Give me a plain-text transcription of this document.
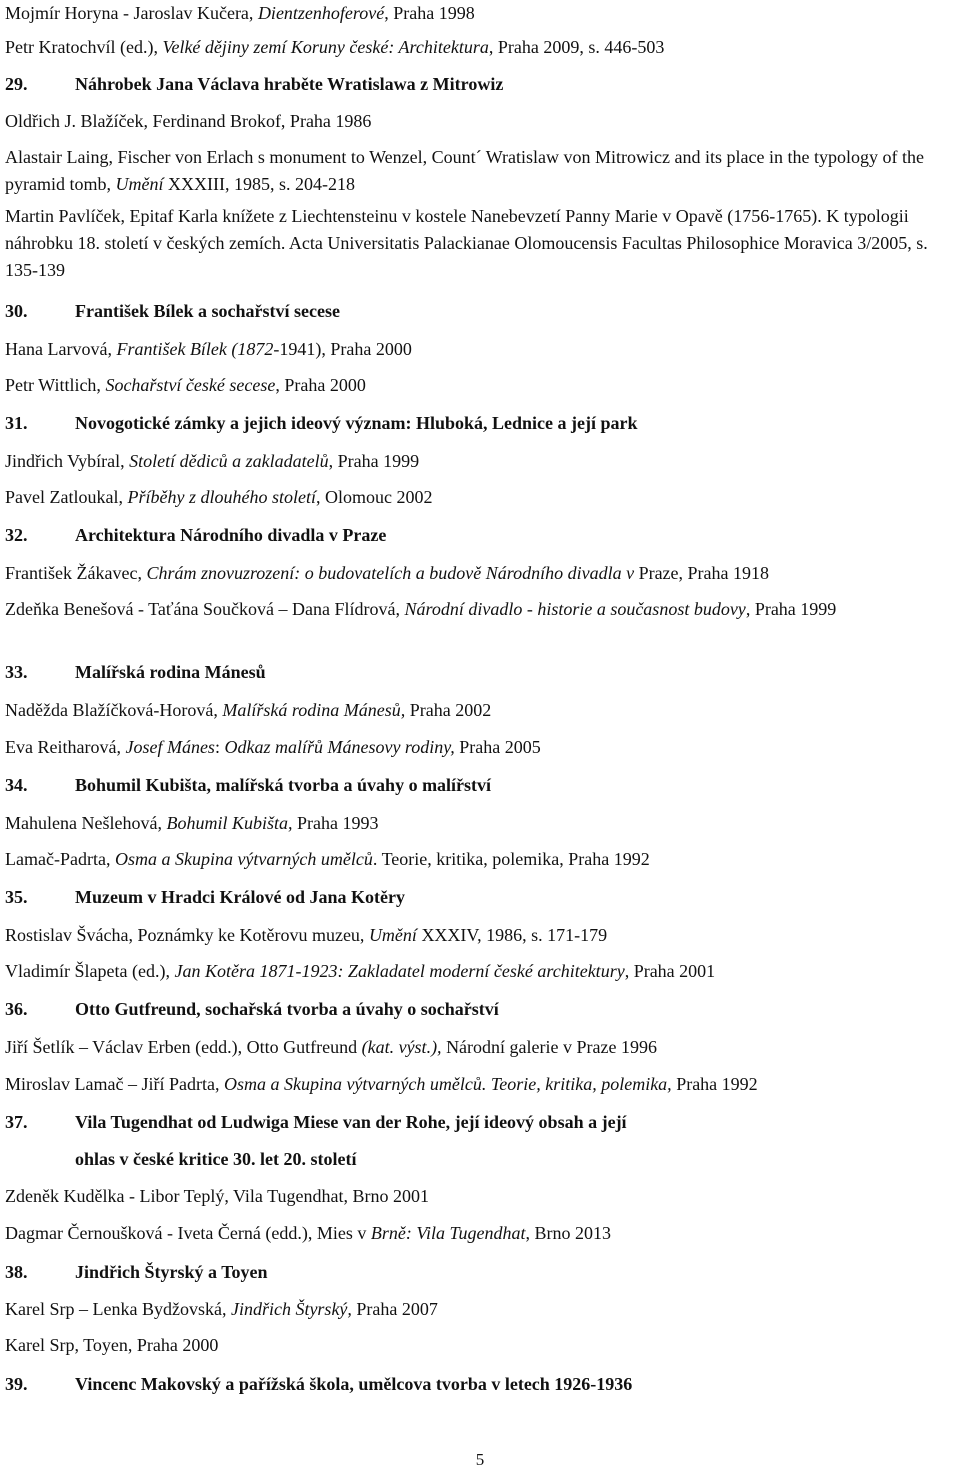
Mojmír Horyna - Jaroslav Kučera, Dientzenhoferové, Praha 1998
Petr Kratochvíl (ed.), Velké dějiny zemí Koruny české: Architektura, Praha 2009, s. 446-503
29.	Náhrobek Jana Václava hraběte Wratislawa z Mitrowiz
Oldřich J. Blažíček, Ferdinand Brokof, Praha 1986
Alastair Laing, Fischer von Erlach s monument to Wenzel, Count´ Wratislaw von Mitrowicz and its place in the typology of the pyramid tomb, Umění XXXIII, 1985, s. 204-218
Martin Pavlíček, Epitaf Karla knížete z Liechtensteinu v kostele Nanebevzetí Panny Marie v Opavě (1756-1765). K typologii náhrobku 18. století v českých zemích. Acta Universitatis Palackianae Olomoucensis Facultas Philosophice Moravica 3/2005, s. 135-139
30.	František Bílek a sochařství secese
Hana Larvová, František Bílek (1872-1941), Praha 2000
Petr Wittlich, Sochařství české secese, Praha 2000
31.	Novogotické zámky a jejich ideový význam: Hluboká, Lednice a její park
Jindřich Vybíral, Století dědiců a zakladatelů, Praha 1999
Pavel Zatloukal, Příběhy z dlouhého století, Olomouc 2002
32.	Architektura Národního divadla v Praze
František Žákavec, Chrám znovuzrození: o budovatelích a budově Národního divadla v Praze, Praha 1918
Zdeňka Benešová - Taťána Součková – Dana Flídrová, Národní divadlo - historie a současnost budovy, Praha 1999
33.	Malířská rodina Mánesů
Naděžda Blažíčková-Horová, Malířská rodina Mánesů, Praha 2002
Eva Reitharová, Josef Mánes: Odkaz malířů Mánesovy rodiny, Praha 2005
34.	Bohumil Kubišta, malířská tvorba a úvahy o malířství
Mahulena Nešlehová, Bohumil Kubišta, Praha 1993
Lamač-Padrta, Osma a Skupina výtvarných umělců. Teorie, kritika, polemika, Praha 1992
35.	Muzeum v Hradci Králové od Jana Kotěry
Rostislav Švácha, Poznámky ke Kotěrovu muzeu, Umění XXXIV, 1986, s. 171-179
Vladimír Šlapeta (ed.), Jan Kotěra 1871-1923: Zakladatel moderní české architektury, Praha 2001
36.	Otto Gutfreund, sochařská tvorba a úvahy o sochařství
Jiří Šetlík – Václav Erben (edd.), Otto Gutfreund (kat. výst.), Národní galerie v Praze 1996
Miroslav Lamač – Jiří Padrta, Osma a Skupina výtvarných umělců. Teorie, kritika, polemika, Praha 1992
37.	Vila Tugendhat od Ludwiga Miese van der Rohe, její ideový obsah a její
ohlas v české kritice 30. let 20. století
Zdeněk Kudělka - Libor Teplý, Vila Tugendhat, Brno 2001
Dagmar Černoušková - Iveta Černá (edd.), Mies v Brně: Vila Tugendhat, Brno 2013
38.	Jindřich Štyrský a Toyen
Karel Srp – Lenka Bydžovská, Jindřich Štyrský, Praha 2007
Karel Srp, Toyen, Praha 2000
39.	Vincenc Makovský a pařížská škola, umělcova tvorba v letech 1926-1936
5
